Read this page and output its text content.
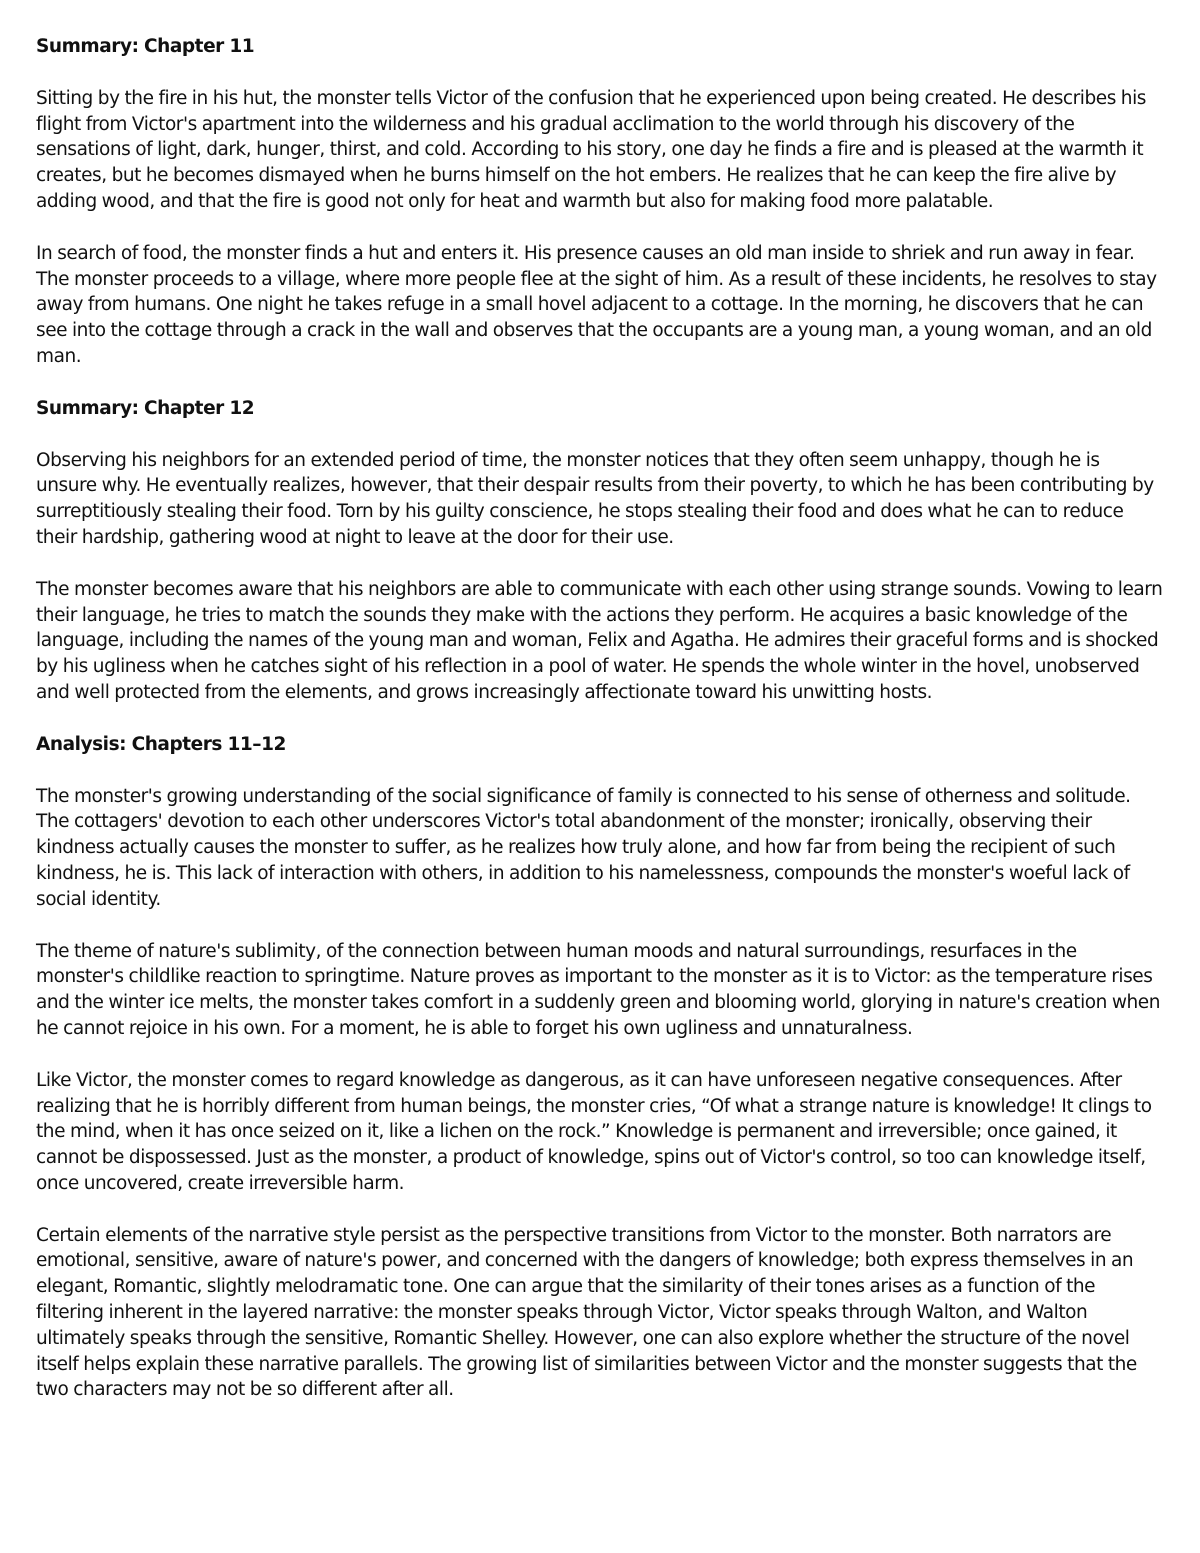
Summary: Chapter 11
Sitting by the fire in his hut, the monster tells Victor of the confusion that he experienced upon being created. He describes his flight from Victor's apartment into the wilderness and his gradual acclimation to the world through his discovery of the sensations of light, dark, hunger, thirst, and cold. According to his story, one day he finds a fire and is pleased at the warmth it creates, but he becomes dismayed when he burns himself on the hot embers. He realizes that he can keep the fire alive by adding wood, and that the fire is good not only for heat and warmth but also for making food more palatable.
In search of food, the monster finds a hut and enters it. His presence causes an old man inside to shriek and run away in fear. The monster proceeds to a village, where more people flee at the sight of him. As a result of these incidents, he resolves to stay away from humans. One night he takes refuge in a small hovel adjacent to a cottage. In the morning, he discovers that he can see into the cottage through a crack in the wall and observes that the occupants are a young man, a young woman, and an old man.
Summary: Chapter 12
Observing his neighbors for an extended period of time, the monster notices that they often seem unhappy, though he is unsure why. He eventually realizes, however, that their despair results from their poverty, to which he has been contributing by surreptitiously stealing their food. Torn by his guilty conscience, he stops stealing their food and does what he can to reduce their hardship, gathering wood at night to leave at the door for their use.
The monster becomes aware that his neighbors are able to communicate with each other using strange sounds. Vowing to learn their language, he tries to match the sounds they make with the actions they perform. He acquires a basic knowledge of the language, including the names of the young man and woman, Felix and Agatha. He admires their graceful forms and is shocked by his ugliness when he catches sight of his reflection in a pool of water. He spends the whole winter in the hovel, unobserved and well protected from the elements, and grows increasingly affectionate toward his unwitting hosts.
Analysis: Chapters 11–12
The monster's growing understanding of the social significance of family is connected to his sense of otherness and solitude. The cottagers' devotion to each other underscores Victor's total abandonment of the monster; ironically, observing their kindness actually causes the monster to suffer, as he realizes how truly alone, and how far from being the recipient of such kindness, he is. This lack of interaction with others, in addition to his namelessness, compounds the monster's woeful lack of social identity.
The theme of nature's sublimity, of the connection between human moods and natural surroundings, resurfaces in the monster's childlike reaction to springtime. Nature proves as important to the monster as it is to Victor: as the temperature rises and the winter ice melts, the monster takes comfort in a suddenly green and blooming world, glorying in nature's creation when he cannot rejoice in his own. For a moment, he is able to forget his own ugliness and unnaturalness.
Like Victor, the monster comes to regard knowledge as dangerous, as it can have unforeseen negative consequences. After realizing that he is horribly different from human beings, the monster cries, “Of what a strange nature is knowledge! It clings to the mind, when it has once seized on it, like a lichen on the rock.” Knowledge is permanent and irreversible; once gained, it cannot be dispossessed. Just as the monster, a product of knowledge, spins out of Victor's control, so too can knowledge itself, once uncovered, create irreversible harm.
Certain elements of the narrative style persist as the perspective transitions from Victor to the monster. Both narrators are emotional, sensitive, aware of nature's power, and concerned with the dangers of knowledge; both express themselves in an elegant, Romantic, slightly melodramatic tone. One can argue that the similarity of their tones arises as a function of the filtering inherent in the layered narrative: the monster speaks through Victor, Victor speaks through Walton, and Walton ultimately speaks through the sensitive, Romantic Shelley. However, one can also explore whether the structure of the novel itself helps explain these narrative parallels. The growing list of similarities between Victor and the monster suggests that the two characters may not be so different after all.
